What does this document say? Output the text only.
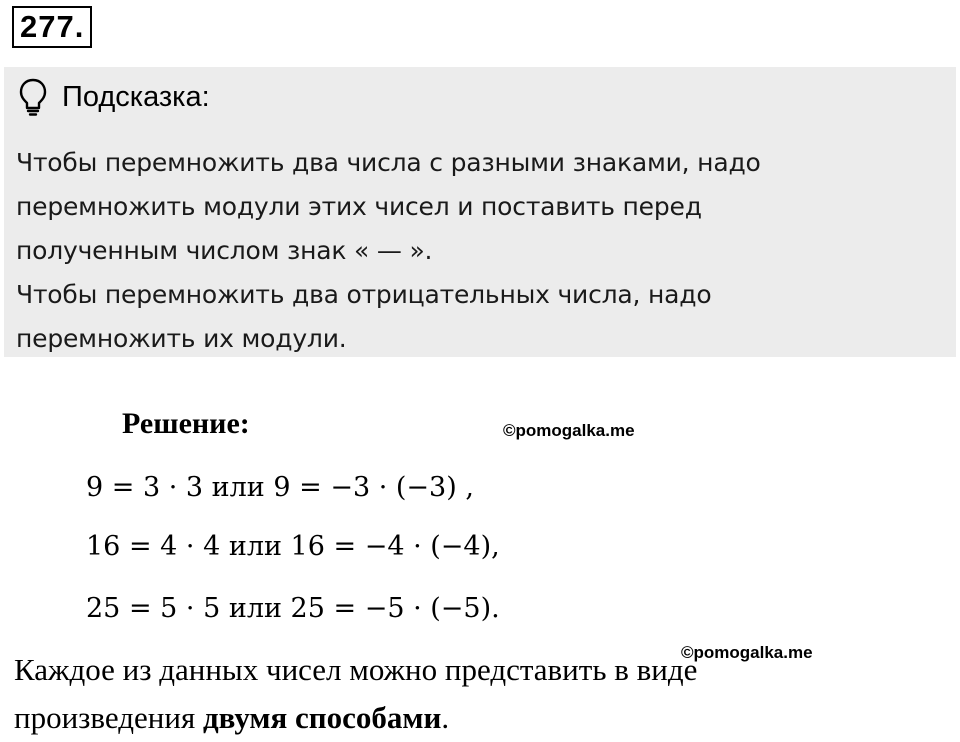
277.
Подсказка:
Чтобы перемножить два числа с разными знаками, надо
перемножить модули этих чисел и поставить перед
полученным числом знак « — ».
Чтобы перемножить два отрицательных числа, надо
перемножить их модули.
Решение:	©pomogalka.me
9 = 3 · 3 или 9 = −3 · (−3) ,
16 = 4 · 4 или 16 = −4 · (−4),
25 = 5 · 5 или 25 = −5 · (−5).
Каждое из данных чисел можно представить в виде
произведения двумя способами.
©pomogalka.me
